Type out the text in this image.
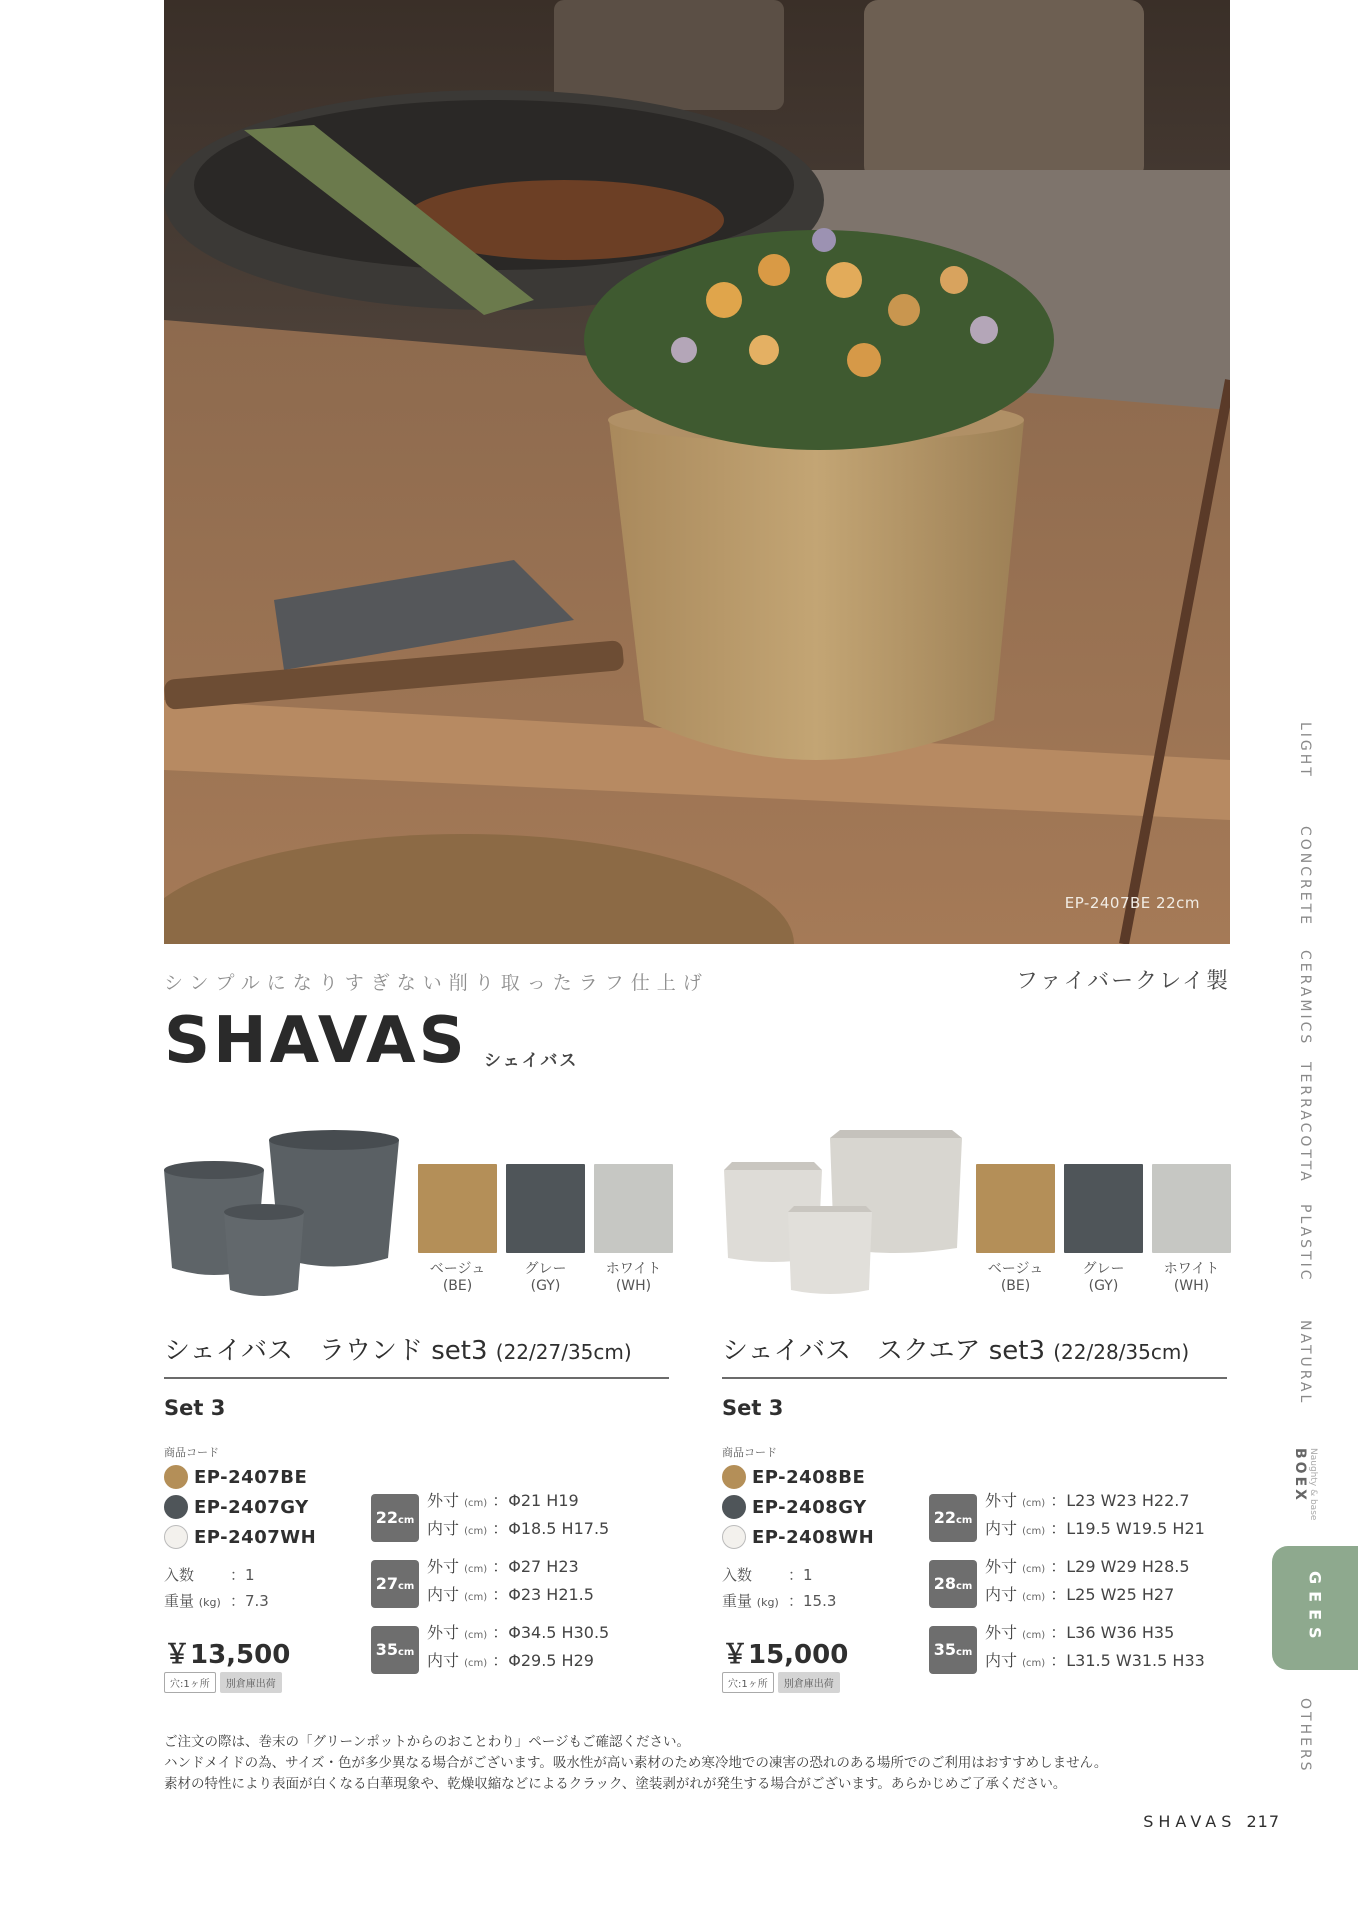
EP-2407BE 22cm
シンプルになりすぎない削り取ったラフ仕上げ	ファイバークレイ製
SHAVAS シェイバス
ベージュ
(BE)
グレー
(GY)
ホワイト
(WH)
シェイバス　ラウンド set3 (22/27/35cm)
Set 3
商品コード
EP-2407BE
EP-2407GY
EP-2407WH
入数 ：1
重量 (kg) ：7.3
￥13,500
穴:1ヶ所	別倉庫出荷
22cm
外寸 (cm) ：Φ21 H19
内寸 (cm) ：Φ18.5 H17.5
27cm
外寸 (cm) ：Φ27 H23
内寸 (cm) ：Φ23 H21.5
35cm
外寸 (cm) ：Φ34.5 H30.5
内寸 (cm) ：Φ29.5 H29
ベージュ
(BE)
グレー
(GY)
ホワイト
(WH)
シェイバス　スクエア set3 (22/28/35cm)
Set 3
商品コード
EP-2408BE
EP-2408GY
EP-2408WH
入数 ：1
重量 (kg) ：15.3
￥15,000
穴:1ヶ所	別倉庫出荷
22cm
外寸 (cm) ：L23 W23 H22.7
内寸 (cm) ：L19.5 W19.5 H21
28cm
外寸 (cm) ：L29 W29 H28.5
内寸 (cm) ：L25 W25 H27
35cm
外寸 (cm) ：L36 W36 H35
内寸 (cm) ：L31.5 W31.5 H33
ご注文の際は、巻末の「グリーンポットからのおことわり」ページもご確認ください。
ハンドメイドの為、サイズ・色が多少異なる場合がございます。吸水性が高い素材のため寒冷地での凍害の恐れのある場所でのご利用はおすすめしません。
素材の特性により表面が白くなる白華現象や、乾燥収縮などによるクラック、塗装剥がれが発生する場合がございます。あらかじめご了承ください。
SHAVAS 217
LIGHT
CONCRETE
CERAMICS
TERRACOTTA
PLASTIC
NATURAL
BOEX Naughty & base
GEES
OTHERS
